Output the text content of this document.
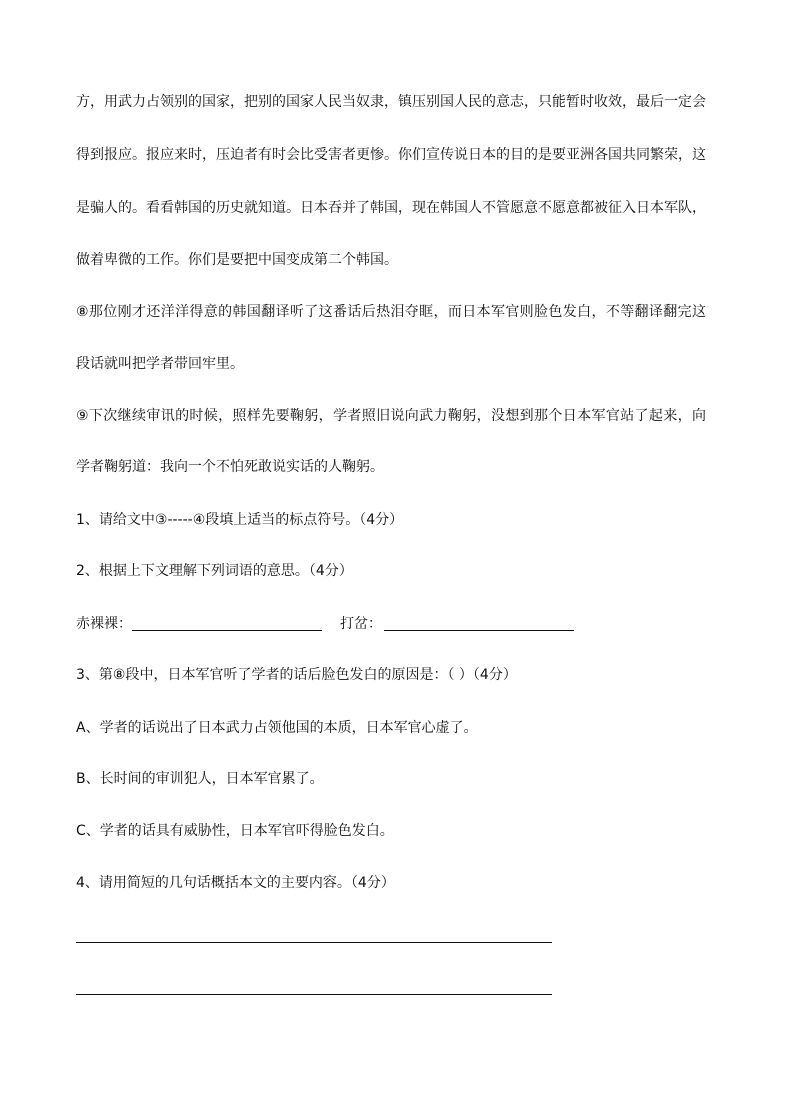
方，用武力占领别的国家，把别的国家人民当奴隶，镇压别国人民的意志，只能暂时收效，最后一定会
得到报应。报应来时，压迫者有时会比受害者更惨。你们宣传说日本的目的是要亚洲各国共同繁荣，这
是骗人的。看看韩国的历史就知道。日本吞并了韩国，现在韩国人不管愿意不愿意都被征入日本军队，
做着卑微的工作。你们是要把中国变成第二个韩国。
⑧那位刚才还洋洋得意的韩国翻译听了这番话后热泪夺眶，而日本军官则脸色发白，不等翻译翻完这
段话就叫把学者带回牢里。
⑨下次继续审讯的时候，照样先要鞠躬，学者照旧说向武力鞠躬，没想到那个日本军官站了起来，向
学者鞠躬道：我向一个不怕死敢说实话的人鞠躬。
1、请给文中③-----④段填上适当的标点符号。（4分）
2、根据上下文理解下列词语的意思。（4分）
赤裸裸：	打岔：
3、第⑧段中，日本军官听了学者的话后脸色发白的原因是：（ ）（4分）
A、学者的话说出了日本武力占领他国的本质，日本军官心虚了。
B、长时间的审训犯人，日本军官累了。
C、学者的话具有威胁性，日本军官吓得脸色发白。
4、请用简短的几句话概括本文的主要内容。（4分）
